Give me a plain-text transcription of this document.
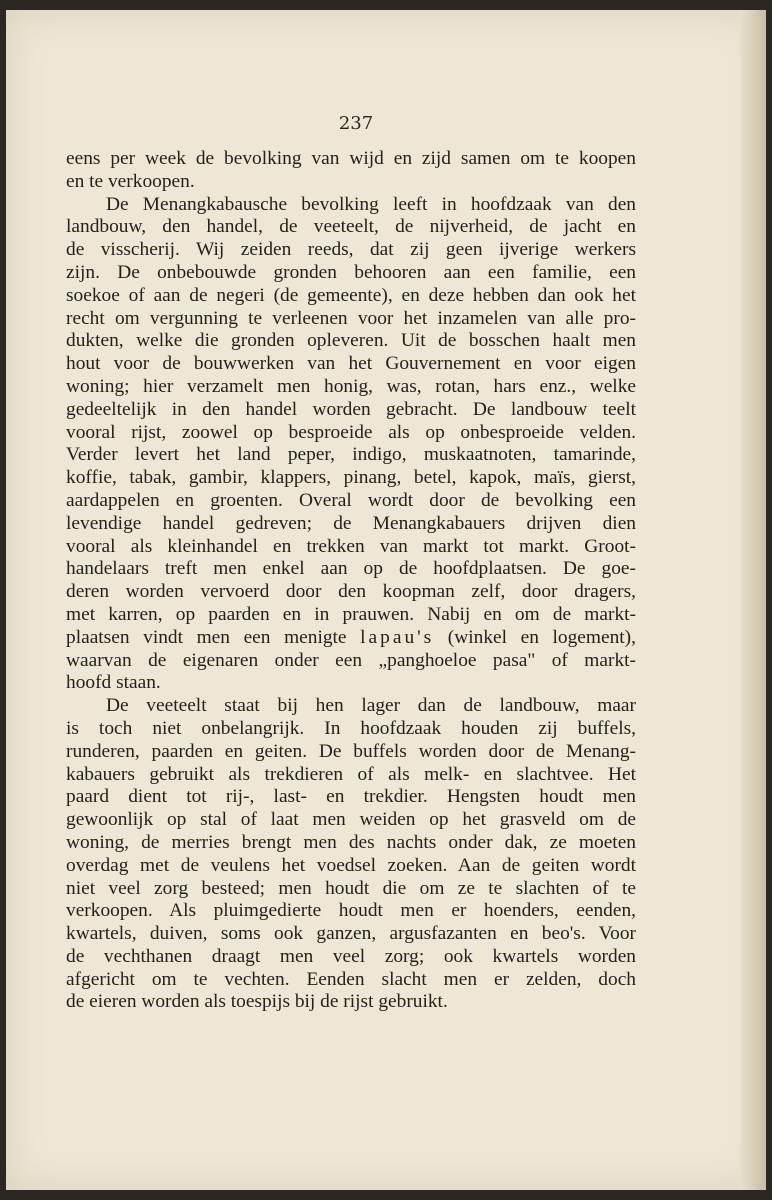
237
eens per week de bevolking van wijd en zijd samen om te koopen
en te verkoopen.
De Menangkabausche bevolking leeft in hoofdzaak van den
landbouw, den handel, de veeteelt, de nijverheid, de jacht en
de visscherij. Wij zeiden reeds, dat zij geen ijverige werkers
zijn. De onbebouwde gronden behooren aan een familie, een
soekoe of aan de negeri (de gemeente), en deze hebben dan ook het
recht om vergunning te verleenen voor het inzamelen van alle pro-
dukten, welke die gronden opleveren. Uit de bosschen haalt men
hout voor de bouwwerken van het Gouvernement en voor eigen
woning; hier verzamelt men honig, was, rotan, hars enz., welke
gedeeltelijk in den handel worden gebracht. De landbouw teelt
vooral rijst, zoowel op besproeide als op onbesproeide velden.
Verder levert het land peper, indigo, muskaatnoten, tamarinde,
koffie, tabak, gambir, klappers, pinang, betel, kapok, maïs, gierst,
aardappelen en groenten. Overal wordt door de bevolking een
levendige handel gedreven; de Menangkabauers drijven dien
vooral als kleinhandel en trekken van markt tot markt. Groot-
handelaars treft men enkel aan op de hoofdplaatsen. De goe-
deren worden vervoerd door den koopman zelf, door dragers,
met karren, op paarden en in prauwen. Nabij en om de markt-
plaatsen vindt men een menigte lapau's (winkel en logement),
waarvan de eigenaren onder een „panghoeloe pasa" of markt-
hoofd staan.
De veeteelt staat bij hen lager dan de landbouw, maar
is toch niet onbelangrijk. In hoofdzaak houden zij buffels,
runderen, paarden en geiten. De buffels worden door de Menang-
kabauers gebruikt als trekdieren of als melk- en slachtvee. Het
paard dient tot rij-, last- en trekdier. Hengsten houdt men
gewoonlijk op stal of laat men weiden op het grasveld om de
woning, de merries brengt men des nachts onder dak, ze moeten
overdag met de veulens het voedsel zoeken. Aan de geiten wordt
niet veel zorg besteed; men houdt die om ze te slachten of te
verkoopen. Als pluimgedierte houdt men er hoenders, eenden,
kwartels, duiven, soms ook ganzen, argusfazanten en beo's. Voor
de vechthanen draagt men veel zorg; ook kwartels worden
afgericht om te vechten. Eenden slacht men er zelden, doch
de eieren worden als toespijs bij de rijst gebruikt.
